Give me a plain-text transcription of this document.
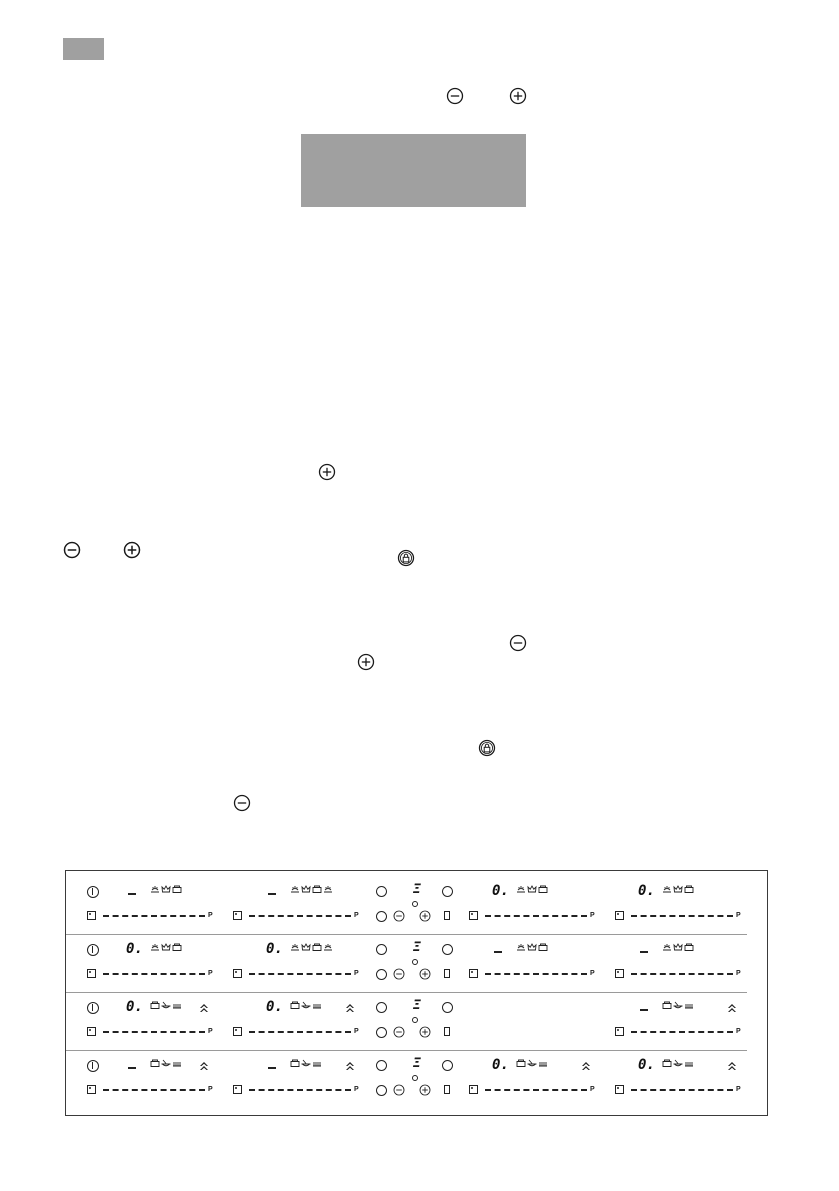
P	P
0.
P
0.
P
Ξ
0.
P
0.
P	P	P
Ξ
0.
P
0.
P	P
Ξ
P	P
0.
P
0.
P
Ξ
